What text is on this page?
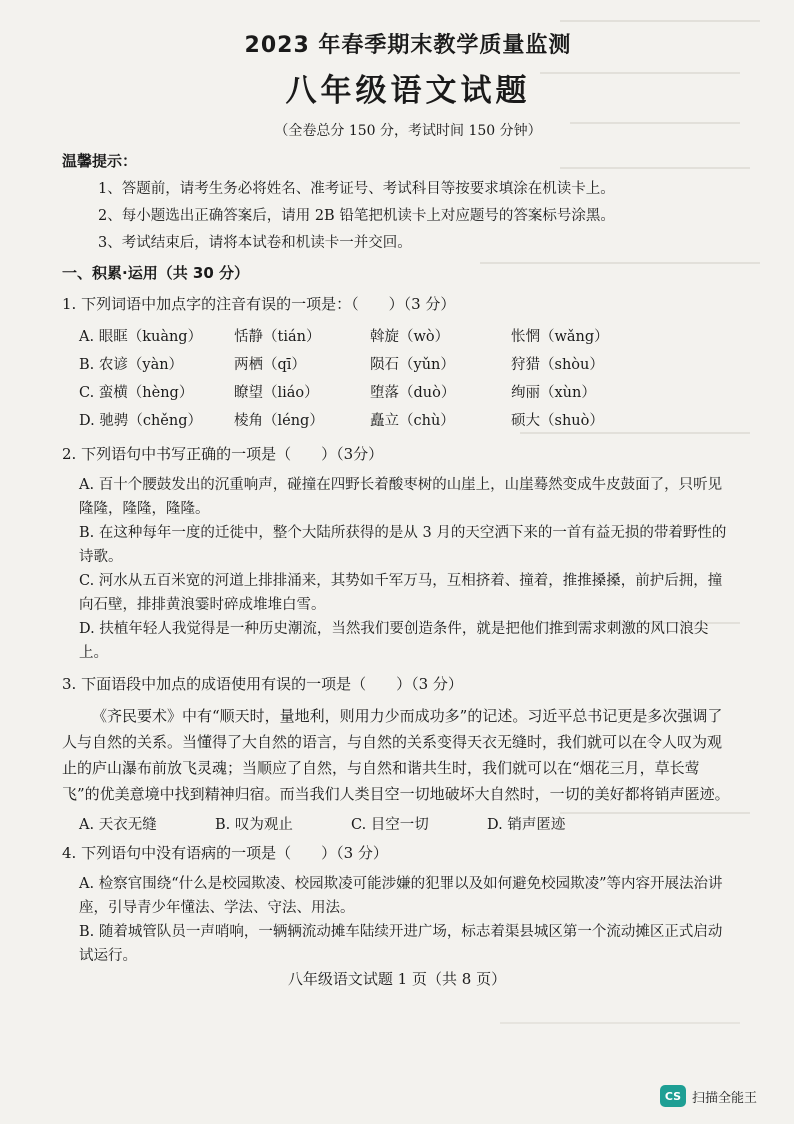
2023 年春季期末教学质量监测
八年级语文试题
（全卷总分 150 分，考试时间 150 分钟）
温馨提示：
1、答题前，请考生务必将姓名、准考证号、考试科目等按要求填涂在机读卡上。
2、每小题选出正确答案后，请用 2B 铅笔把机读卡上对应题号的答案标号涂黑。
3、考试结束后，请将本试卷和机读卡一并交回。
一、积累·运用（共 30 分）
1. 下列词语中加点字的注音有误的一项是：（　　）（3 分）
A. 眼眶（kuàng）	恬静（tián）	斡旋（wò）	怅惘（wǎng）
B. 农谚（yàn）	两栖（qī）	陨石（yǔn）	狩猎（shòu）
C. 蛮横（hèng）	瞭望（liáo）	堕落（duò）	绚丽（xùn）
D. 驰骋（chěng）	棱角（léng）	矗立（chù）	硕大（shuò）
2. 下列语句中书写正确的一项是（　　）（3分）
A. 百十个腰鼓发出的沉重响声，碰撞在四野长着酸枣树的山崖上，山崖蓦然变成牛皮鼓面了，只听见隆隆，隆隆，隆隆。
B. 在这种每年一度的迁徙中，整个大陆所获得的是从 3 月的天空洒下来的一首有益无损的带着野性的诗歌。
C. 河水从五百米宽的河道上排排涌来，其势如千军万马，互相挤着、撞着，推推搡搡，前护后拥，撞向石壁，排排黄浪霎时碎成堆堆白雪。
D. 扶植年轻人我觉得是一种历史潮流，当然我们要创造条件，就是把他们推到需求刺激的风口浪尖上。
3. 下面语段中加点的成语使用有误的一项是（　　）（3 分）

《齐民要术》中有“顺天时，量地利，则用力少而成功多”的记述。习近平总书记更是多次强调了人与自然的关系。当懂得了大自然的语言，与自然的关系变得天衣无缝时，我们就可以在令人叹为观止的庐山瀑布前放飞灵魂；当顺应了自然，与自然和谐共生时，我们就可以在“烟花三月，草长莺飞”的优美意境中找到精神归宿。而当我们人类目空一切地破坏大自然时，一切的美好都将销声匿迹。

A. 天衣无缝	B. 叹为观止	C. 目空一切	D. 销声匿迹
4. 下列语句中没有语病的一项是（　　）（3 分）
A. 检察官围绕“什么是校园欺凌、校园欺凌可能涉嫌的犯罪以及如何避免校园欺凌”等内容开展法治讲座，引导青少年懂法、学法、守法、用法。
B. 随着城管队员一声哨响，一辆辆流动摊车陆续开进广场，标志着渠县城区第一个流动摊区正式启动试运行。
八年级语文试题 1 页（共 8 页）
CS 扫描全能王
